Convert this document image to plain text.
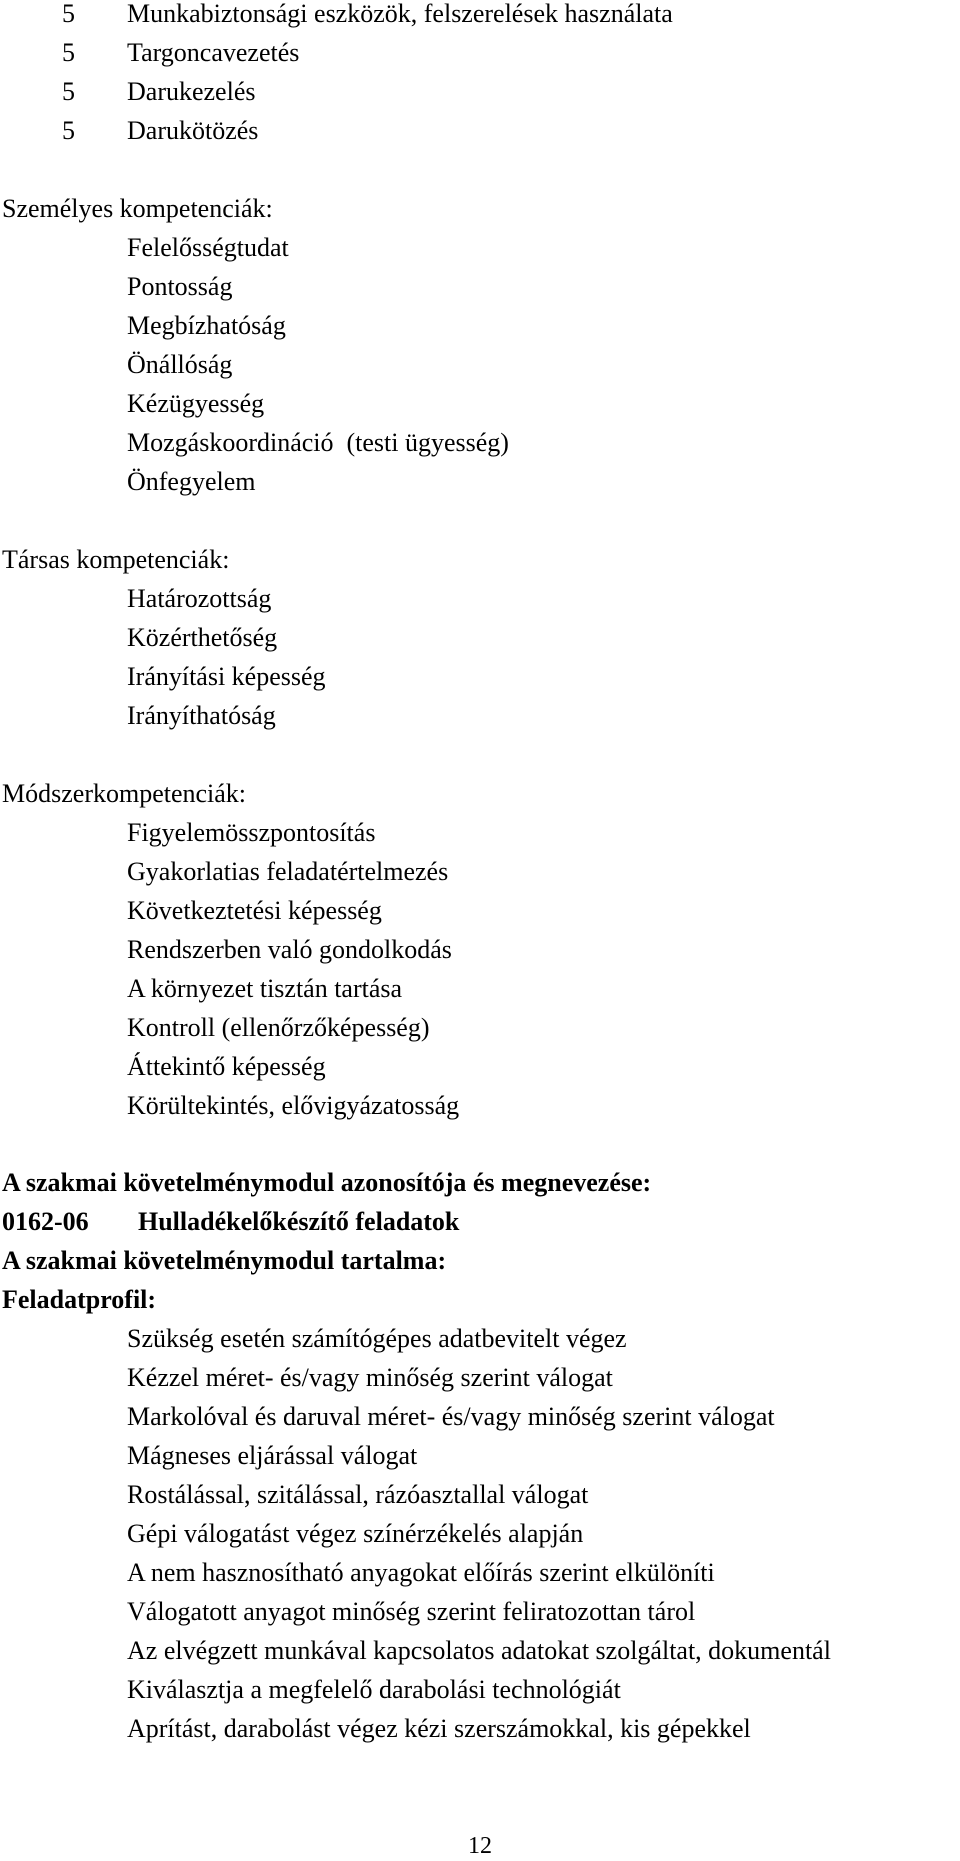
5 Munkabiztonsági eszközök, felszerelések használata
5 Targoncavezetés
5 Darukezelés
5 Darukötözés
Személyes kompetenciák:
Felelősségtudat
Pontosság
Megbízhatóság
Önállóság
Kézügyesség
Mozgáskoordináció  (testi ügyesség)
Önfegyelem
Társas kompetenciák:
Határozottság
Közérthetőség
Irányítási képesség
Irányíthatóság
Módszerkompetenciák:
Figyelemösszpontosítás
Gyakorlatias feladatértelmezés
Következtetési képesség
Rendszerben való gondolkodás
A környezet tisztán tartása
Kontroll (ellenőrzőképesség)
Áttekintő képesség
Körültekintés, elővigyázatosság
A szakmai követelménymodul azonosítója és megnevezése:
0162-06 Hulladékelőkészítő feladatok
A szakmai követelménymodul tartalma:
Feladatprofil:
Szükség esetén számítógépes adatbevitelt végez
Kézzel méret- és/vagy minőség szerint válogat
Markolóval és daruval méret- és/vagy minőség szerint válogat
Mágneses eljárással válogat
Rostálással, szitálással, rázóasztallal válogat
Gépi válogatást végez színérzékelés alapján
A nem hasznosítható anyagokat előírás szerint elkülöníti
Válogatott anyagot minőség szerint feliratozottan tárol
Az elvégzett munkával kapcsolatos adatokat szolgáltat, dokumentál
Kiválasztja a megfelelő darabolási technológiát
Aprítást, darabolást végez kézi szerszámokkal, kis gépekkel
12
